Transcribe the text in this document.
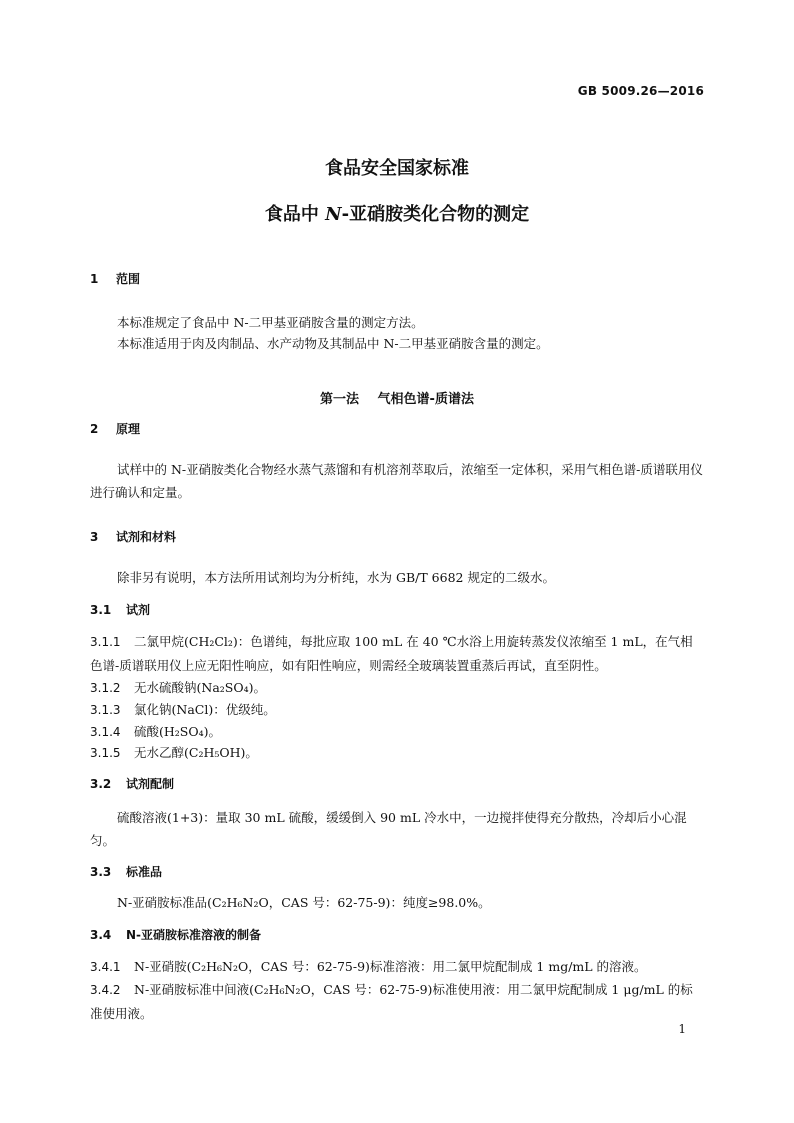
GB 5009.26—2016
食品安全国家标准
食品中 N-亚硝胺类化合物的测定
1 范围
本标准规定了食品中 N-二甲基亚硝胺含量的测定方法。
本标准适用于肉及肉制品、水产动物及其制品中 N-二甲基亚硝胺含量的测定。
第一法 气相色谱-质谱法
2 原理
试样中的 N-亚硝胺类化合物经水蒸气蒸馏和有机溶剂萃取后，浓缩至一定体积，采用气相色谱-质谱联用仪进行确认和定量。
3 试剂和材料
除非另有说明，本方法所用试剂均为分析纯，水为 GB/T 6682 规定的二级水。
3.1 试剂
3.1.1 二氯甲烷(CH₂Cl₂)：色谱纯，每批应取 100 mL 在 40 ℃水浴上用旋转蒸发仪浓缩至 1 mL，在气相色谱-质谱联用仪上应无阳性响应，如有阳性响应，则需经全玻璃装置重蒸后再试，直至阴性。
3.1.2 无水硫酸钠(Na₂SO₄)。
3.1.3 氯化钠(NaCl)：优级纯。
3.1.4 硫酸(H₂SO₄)。
3.1.5 无水乙醇(C₂H₅OH)。
3.2 试剂配制
硫酸溶液(1+3)：量取 30 mL 硫酸，缓缓倒入 90 mL 冷水中，一边搅拌使得充分散热，冷却后小心混匀。
3.3 标准品
N-亚硝胺标准品(C₂H₆N₂O，CAS 号：62-75-9)：纯度≥98.0%。
3.4 N-亚硝胺标准溶液的制备
3.4.1 N-亚硝胺(C₂H₆N₂O，CAS 号：62-75-9)标准溶液：用二氯甲烷配制成 1 mg/mL 的溶液。
3.4.2 N-亚硝胺标准中间液(C₂H₆N₂O，CAS 号：62-75-9)标准使用液：用二氯甲烷配制成 1 μg/mL 的标准使用液。
1
